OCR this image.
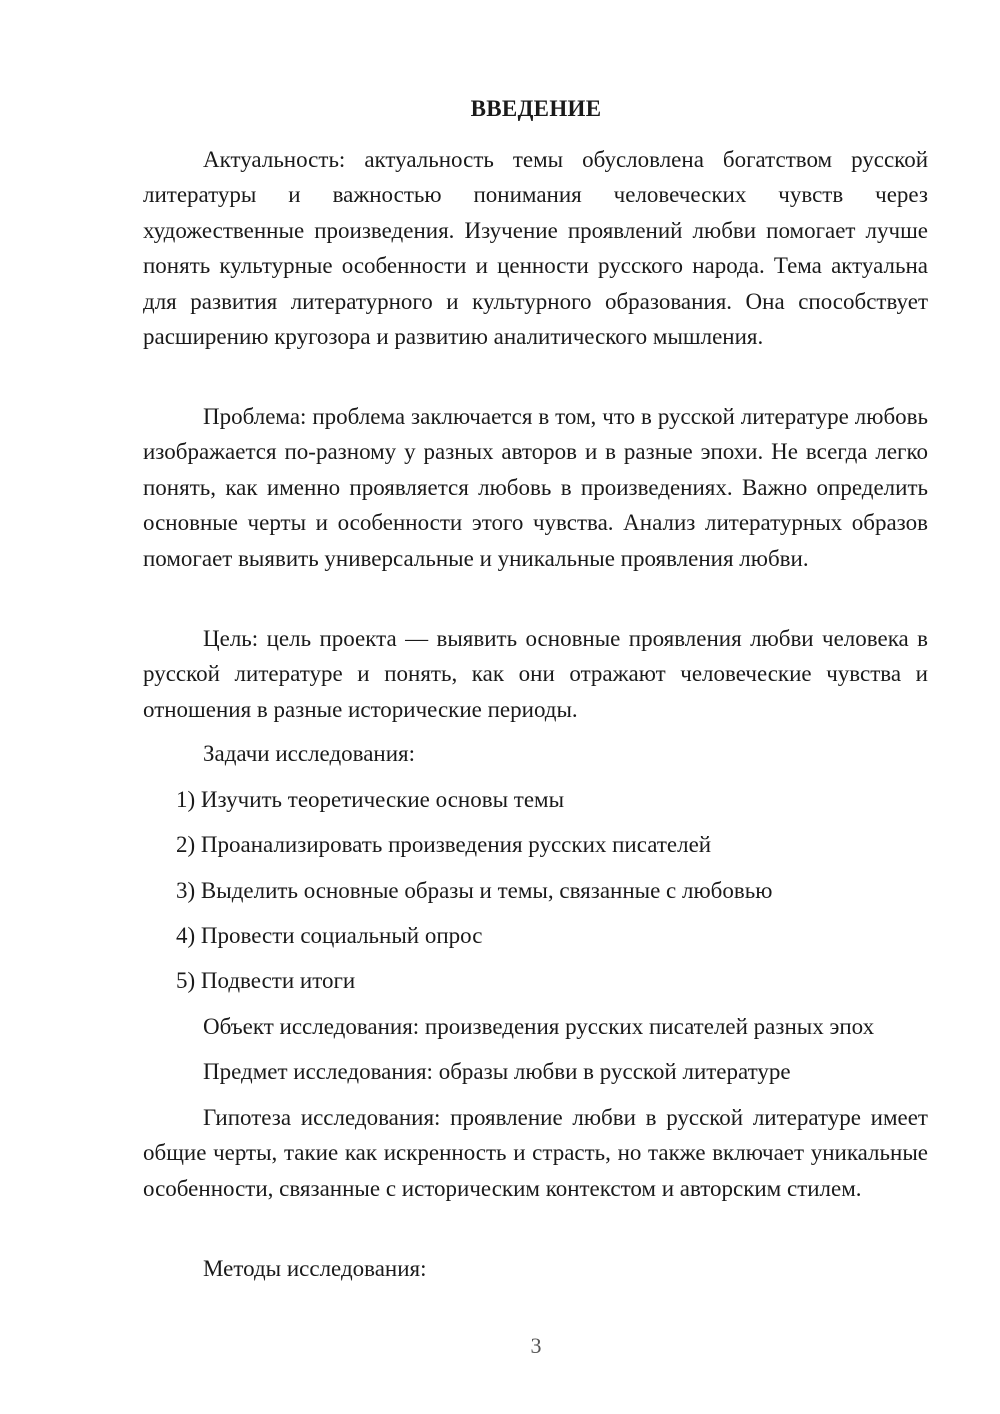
ВВЕДЕНИЕ

Актуальность: актуальность темы обусловлена богатством русской литературы и важностью понимания человеческих чувств через художественные произведения. Изучение проявлений любви помогает лучше понять культурные особенности и ценности русского народа. Тема актуальна для развития литературного и культурного образования. Она способствует расширению кругозора и развитию аналитического мышления.

Проблема: проблема заключается в том, что в русской литературе любовь изображается по-разному у разных авторов и в разные эпохи. Не всегда легко понять, как именно проявляется любовь в произведениях. Важно определить основные черты и особенности этого чувства. Анализ литературных образов помогает выявить универсальные и уникальные проявления любви.

Цель: цель проекта — выявить основные проявления любви человека в русской литературе и понять, как они отражают человеческие чувства и отношения в разные исторические периоды.

Задачи исследования:

1) Изучить теоретические основы темы

2) Проанализировать произведения русских писателей

3) Выделить основные образы и темы, связанные с любовью

4) Провести социальный опрос

5) Подвести итоги

Объект исследования: произведения русских писателей разных эпох

Предмет исследования: образы любви в русской литературе

Гипотеза исследования: проявление любви в русской литературе имеет общие черты, такие как искренность и страсть, но также включает уникальные особенности, связанные с историческим контекстом и авторским стилем.

Методы исследования:

3
